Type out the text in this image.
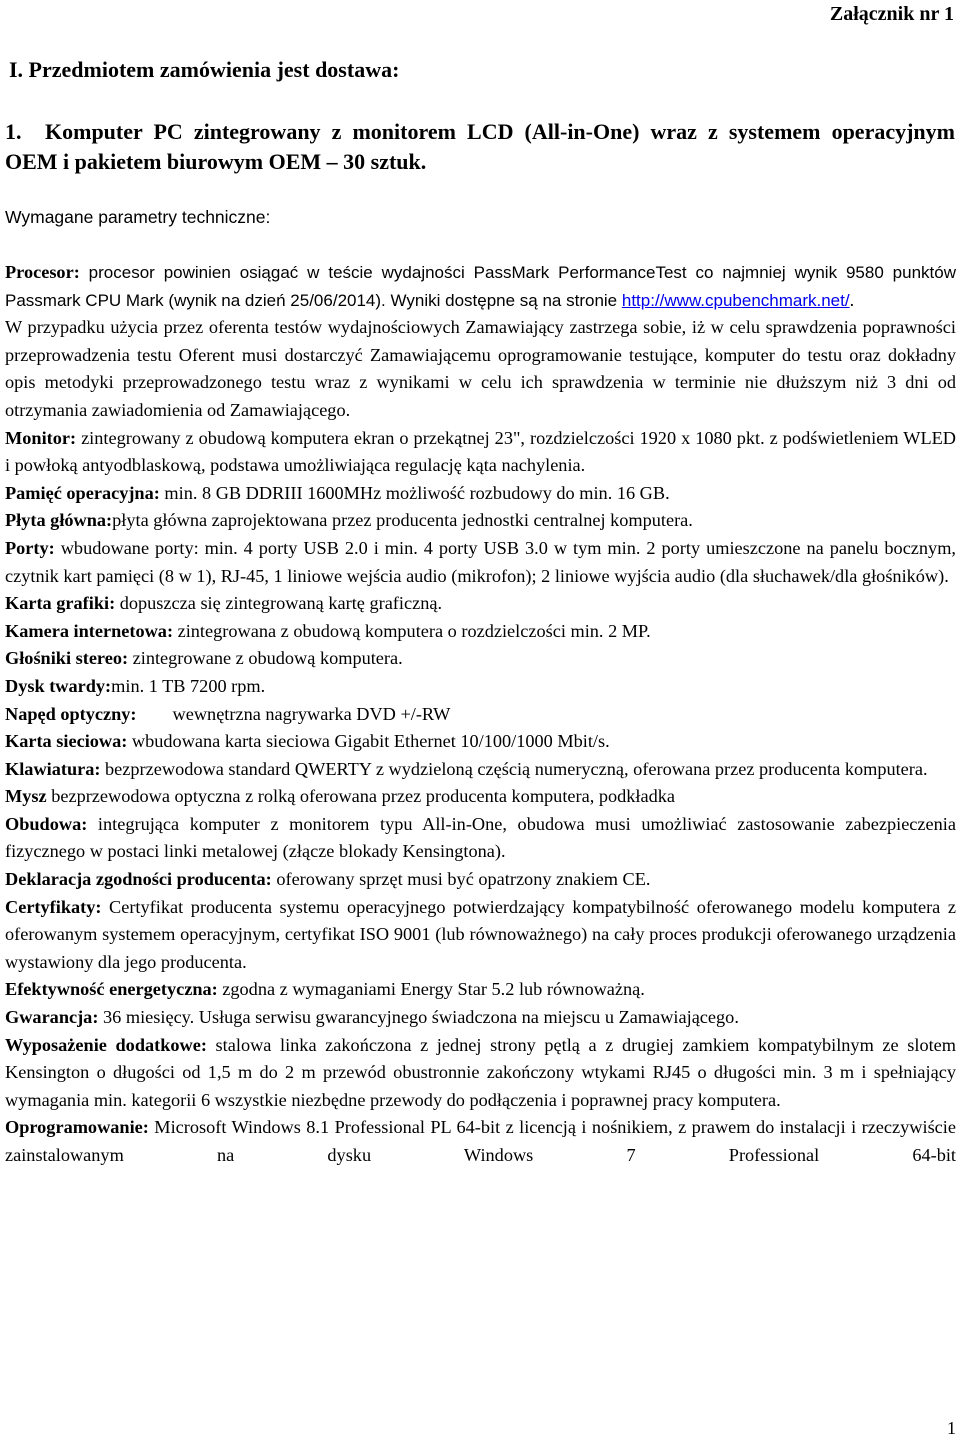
Załącznik nr 1
I. Przedmiotem zamówienia jest dostawa:
1. Komputer PC zintegrowany z monitorem LCD (All-in-One) wraz z systemem operacyjnym OEM i pakietem biurowym OEM – 30 sztuk.
Wymagane parametry techniczne:

Procesor: procesor powinien osiągać w teście wydajności PassMark PerformanceTest co najmniej wynik 9580 punktów Passmark CPU Mark (wynik na dzień 25/06/2014). Wyniki dostępne są na stronie http://www.cpubenchmark.net/.
W przypadku użycia przez oferenta testów wydajnościowych Zamawiający zastrzega sobie, iż w celu sprawdzenia poprawności przeprowadzenia testu Oferent musi dostarczyć Zamawiającemu oprogramowanie testujące, komputer do testu oraz dokładny opis metodyki przeprowadzonego testu wraz z wynikami w celu ich sprawdzenia w terminie nie dłuższym niż 3 dni od otrzymania zawiadomienia od Zamawiającego.

Monitor: zintegrowany z obudową komputera ekran o przekątnej 23", rozdzielczości 1920 x 1080 pkt. z podświetleniem WLED i powłoką antyodblaskową, podstawa umożliwiająca regulację kąta nachylenia.

Pamięć operacyjna: min. 8 GB DDRIII 1600MHz możliwość rozbudowy do min. 16 GB.

Płyta główna:płyta główna zaprojektowana przez producenta jednostki centralnej komputera.

Porty: wbudowane porty: min. 4 porty USB 2.0 i min. 4 porty USB 3.0 w tym min. 2 porty umieszczone na panelu bocznym, czytnik kart pamięci (8 w 1), RJ-45, 1 liniowe wejścia audio (mikrofon); 2 liniowe wyjścia audio (dla słuchawek/dla głośników).

Karta grafiki: dopuszcza się zintegrowaną kartę graficzną.

Kamera internetowa: zintegrowana z obudową komputera o rozdzielczości min. 2 MP.

Głośniki stereo: zintegrowane z obudową komputera.

Dysk twardy:min. 1 TB 7200 rpm.

Napęd optyczny: wewnętrzna nagrywarka DVD +/-RW

Karta sieciowa: wbudowana karta sieciowa Gigabit Ethernet 10/100/1000 Mbit/s.

Klawiatura: bezprzewodowa standard QWERTY z wydzieloną częścią numeryczną, oferowana przez producenta komputera.

Mysz bezprzewodowa optyczna z rolką oferowana przez producenta komputera, podkładka

Obudowa: integrująca komputer z monitorem typu All-in-One, obudowa musi umożliwiać zastosowanie zabezpieczenia fizycznego w postaci linki metalowej (złącze blokady Kensingtona).

Deklaracja zgodności producenta: oferowany sprzęt musi być opatrzony znakiem CE.

Certyfikaty: Certyfikat producenta systemu operacyjnego potwierdzający kompatybilność oferowanego modelu komputera z oferowanym systemem operacyjnym, certyfikat ISO 9001 (lub równoważnego) na cały proces produkcji oferowanego urządzenia wystawiony dla jego producenta.

Efektywność energetyczna: zgodna z wymaganiami Energy Star 5.2 lub równoważną.

Gwarancja: 36 miesięcy. Usługa serwisu gwarancyjnego świadczona na miejscu u Zamawiającego.

Wyposażenie dodatkowe: stalowa linka zakończona z jednej strony pętlą a z drugiej zamkiem kompatybilnym ze slotem Kensington o długości od 1,5 m do 2 m przewód obustronnie zakończony wtykami RJ45 o długości min. 3 m i spełniający wymagania min. kategorii 6 wszystkie niezbędne przewody do podłączenia i poprawnej pracy komputera.

Oprogramowanie: Microsoft Windows 8.1 Professional PL 64-bit z licencją i nośnikiem, z prawem do instalacji i rzeczywiście zainstalowanym na dysku Windows 7 Professional 64-bit

1
